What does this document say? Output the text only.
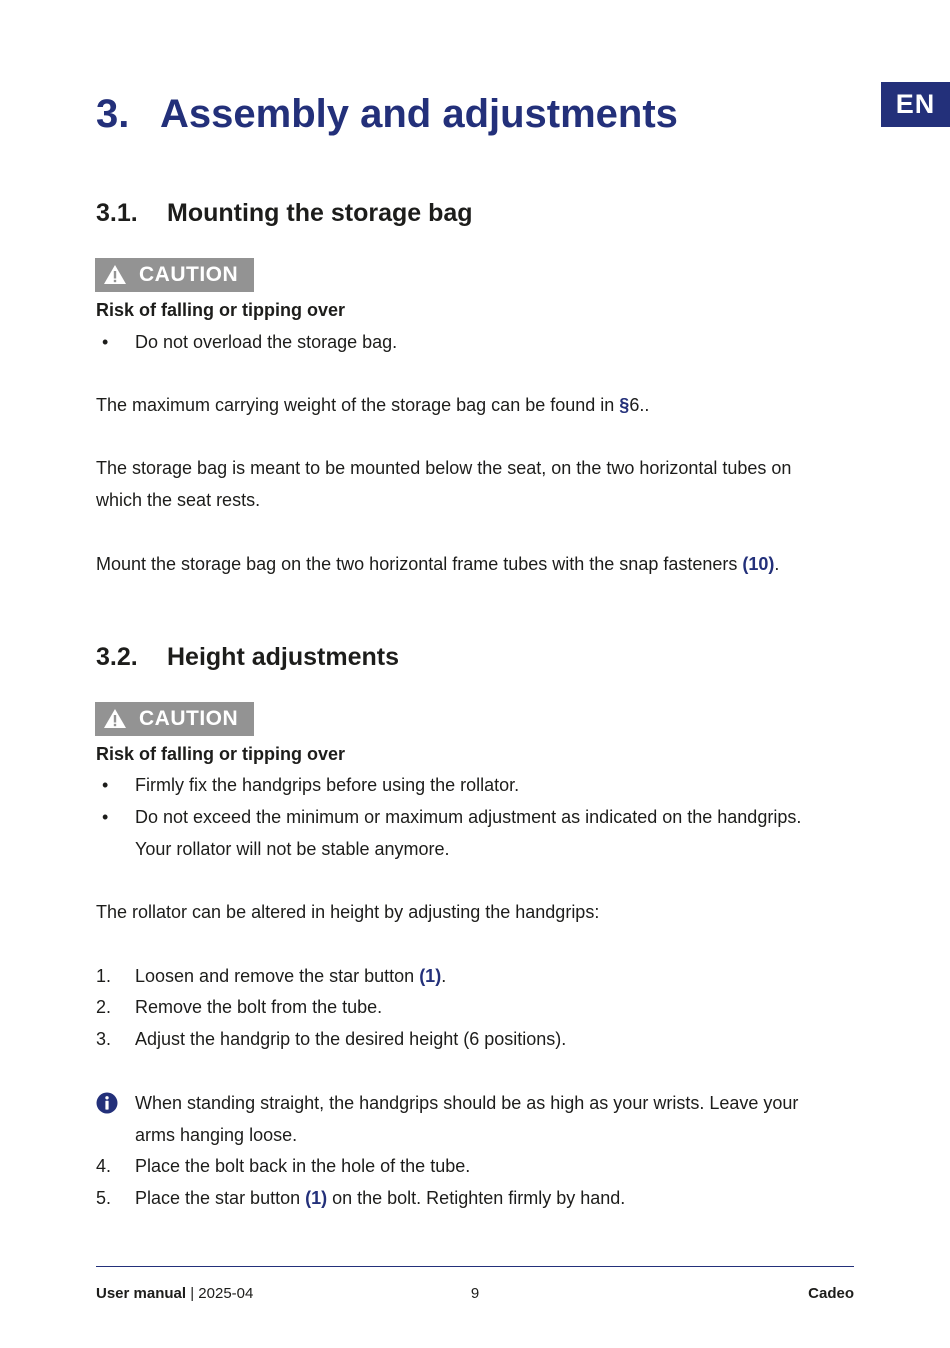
EN
3. Assembly and adjustments
3.1. Mounting the storage bag
CAUTION
Risk of falling or tipping over
•	Do not overload the storage bag.
The maximum carrying weight of the storage bag can be found in §6..
The storage bag is meant to be mounted below the seat, on the two horizontal tubes on which the seat rests.
Mount the storage bag on the two horizontal frame tubes with the snap fasteners (10).
3.2. Height adjustments
CAUTION
Risk of falling or tipping over
•	Firmly fix the handgrips before using the rollator.
•	Do not exceed the minimum or maximum adjustment as indicated on the handgrips. Your rollator will not be stable anymore.
The rollator can be altered in height by adjusting the handgrips:
1.	Loosen and remove the star button (1).
2.	Remove the bolt from the tube.
3.	Adjust the handgrip to the desired height (6 positions).
When standing straight, the handgrips should be as high as your wrists. Leave your arms hanging loose.
4.	Place the bolt back in the hole of the tube.
5.	Place the star button (1) on the bolt. Retighten firmly by hand.
User manual | 2025-04	9	Cadeo
